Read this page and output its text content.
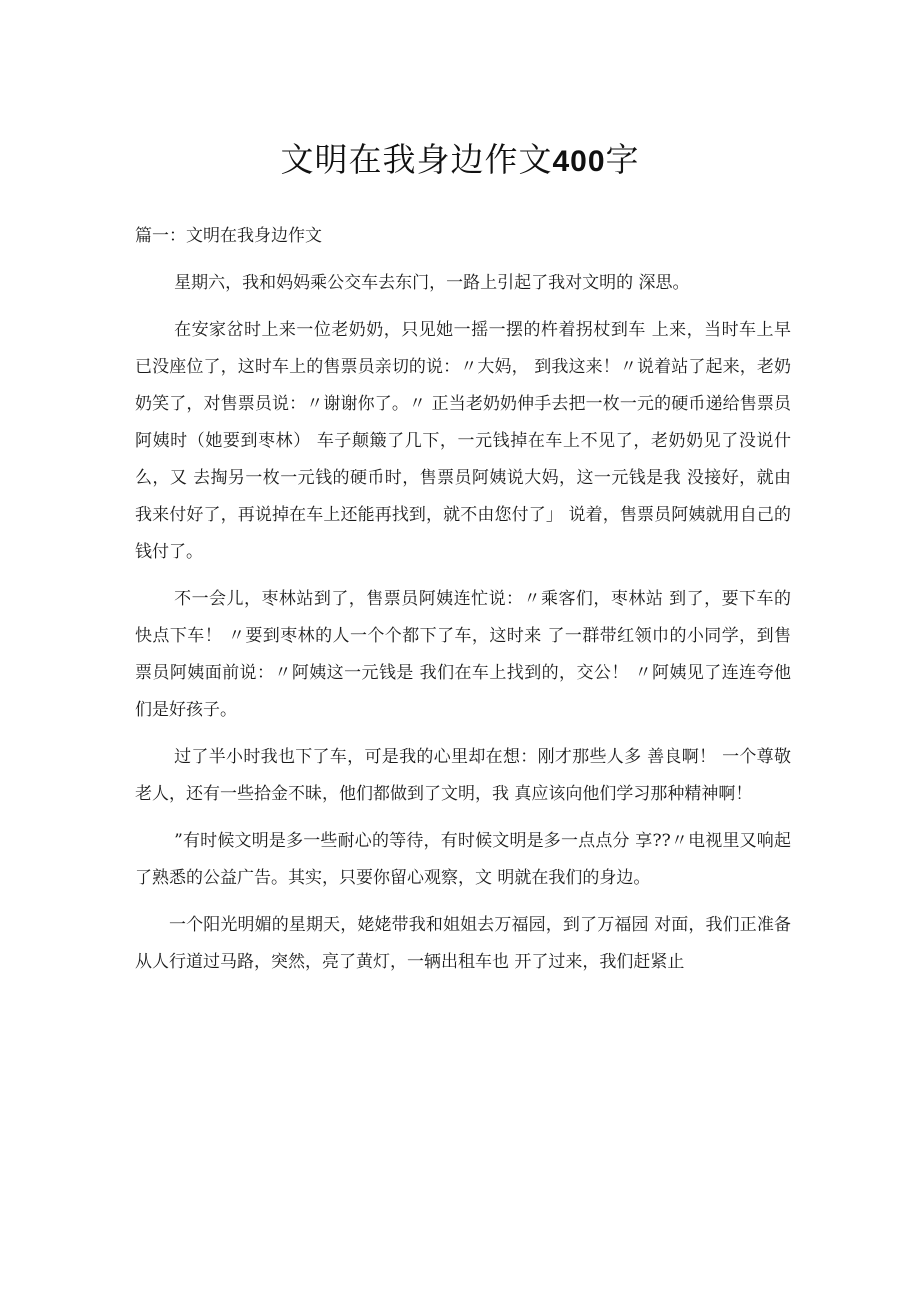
文明在我身边作文400字

篇一：文明在我身边作文

星期六，我和妈妈乘公交车去东门，一路上引起了我对文明的 深思。

在安家岔时上来一位老奶奶，只见她一摇一摆的杵着拐杖到车 上来，当时车上早已没座位了，这时车上的售票员亲切的说：〃大妈， 到我这来！〃说着站了起来，老奶奶笑了，对售票员说：〃谢谢你了。〃 正当老奶奶伸手去把一枚一元的硬币递给售票员阿姨时（她要到枣林） 车子颠簸了几下，一元钱掉在车上不见了，老奶奶见了没说什么，又 去掏另一枚一元钱的硬币时，售票员阿姨说大妈，这一元钱是我 没接好，就由我来付好了，再说掉在车上还能再找到，就不由您付了」 说着，售票员阿姨就用自己的钱付了。

不一会儿，枣林站到了，售票员阿姨连忙说：〃乘客们，枣林站 到了，要下车的快点下车！ 〃要到枣林的人一个个都下了车，这时来 了一群带红领巾的小同学，到售票员阿姨面前说：〃阿姨这一元钱是 我们在车上找到的，交公！ 〃阿姨见了连连夸他们是好孩子。

过了半小时我也下了车，可是我的心里却在想：刚才那些人多 善良啊！ 一个尊敬老人，还有一些拾金不昧，他们都做到了文明，我 真应该向他们学习那种精神啊！

”有时候文明是多一些耐心的等待，有时候文明是多一点点分 享??〃电视里又响起了熟悉的公益广告。其实，只要你留心观察，文 明就在我们的身边。

一个阳光明媚的星期天，姥姥带我和姐姐去万福园，到了万福园 对面，我们正准备从人行道过马路，突然，亮了黄灯，一辆出租车也 开了过来，我们赶紧止
